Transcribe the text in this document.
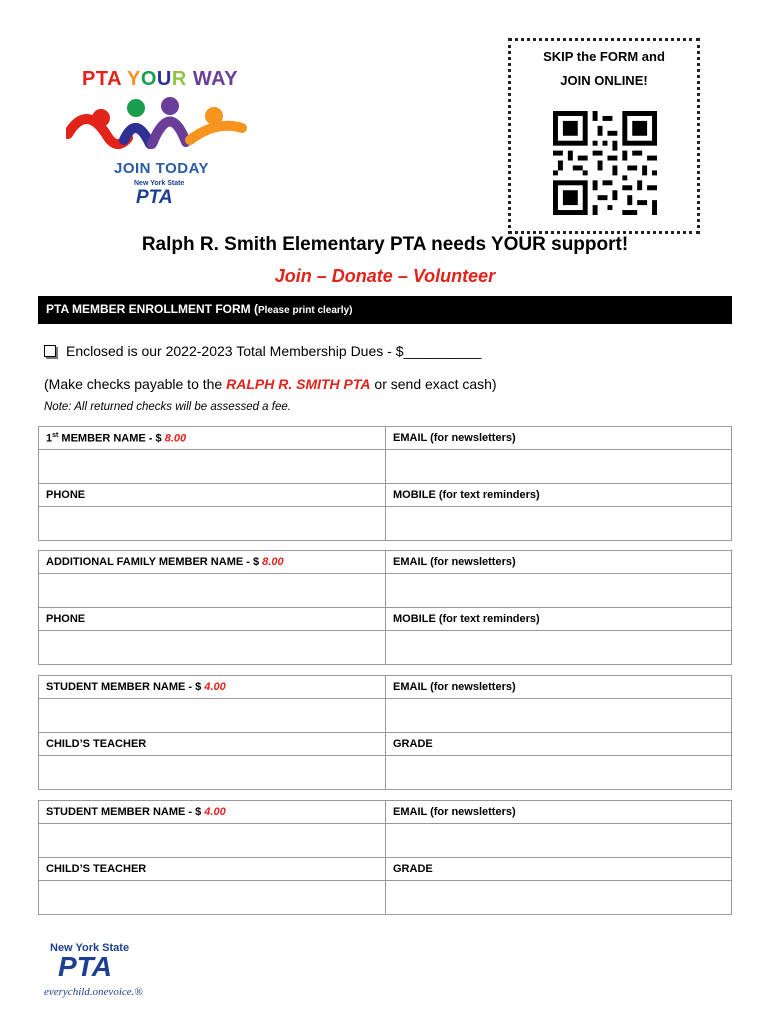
PTA YOUR WAY
JOIN TODAY
New York State
PTA
SKIP the FORM and
JOIN ONLINE!
Ralph R. Smith Elementary PTA needs YOUR support!
Join – Donate – Volunteer
PTA MEMBER ENROLLMENT FORM (Please print clearly)
Enclosed is our 2022-2023 Total Membership Dues - $__________
(Make checks payable to the RALPH R. SMITH PTA or send exact cash)
Note: All returned checks will be assessed a fee.
1st MEMBER NAME - $ 8.00	EMAIL (for newsletters)

PHONE	MOBILE (for text reminders)

ADDITIONAL FAMILY MEMBER NAME - $ 8.00	EMAIL (for newsletters)

PHONE	MOBILE (for text reminders)

STUDENT MEMBER NAME - $ 4.00	EMAIL (for newsletters)

CHILD’S TEACHER	GRADE

STUDENT MEMBER NAME - $ 4.00	EMAIL (for newsletters)

CHILD’S TEACHER	GRADE

New York State
PTA
everychild.onevoice.®
